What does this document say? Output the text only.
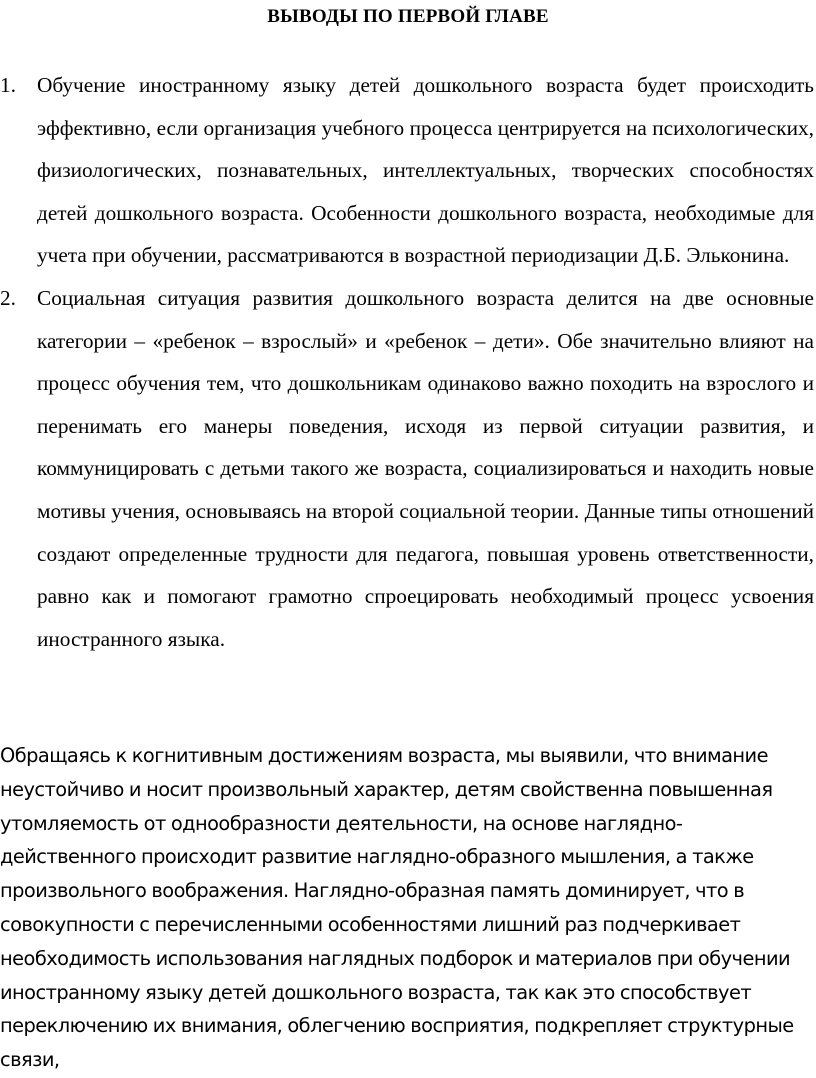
ВЫВОДЫ ПО ПЕРВОЙ ГЛАВЕ
1. Обучение иностранному языку детей дошкольного возраста будет происходить эффективно, если организация учебного процесса центрируется на психологических, физиологических, познавательных, интеллектуальных, творческих способностях детей дошкольного возраста. Особенности дошкольного возраста, необходимые для учета при обучении, рассматриваются в возрастной периодизации Д.Б. Эльконина.
2. Социальная ситуация развития дошкольного возраста делится на две основные категории – «ребенок – взрослый» и «ребенок – дети». Обе значительно влияют на процесс обучения тем, что дошкольникам одинаково важно походить на взрослого и перенимать его манеры поведения, исходя из первой ситуации развития, и коммуницировать с детьми такого же возраста, социализироваться и находить новые мотивы учения, основываясь на второй социальной теории. Данные типы отношений создают определенные трудности для педагога, повышая уровень ответственности, равно как и помогают грамотно спроецировать необходимый процесс усвоения иностранного языка.

Обращаясь к когнитивным достижениям возраста, мы выявили, что внимание неустойчиво и носит произвольный характер, детям свойственна повышенная утомляемость от однообразности деятельности, на основе наглядно-действенного происходит развитие наглядно-образного мышления, а также произвольного воображения. Наглядно-образная память доминирует, что в совокупности с перечисленными особенностями лишний раз подчеркивает необходимость использования наглядных подборок и материалов при обучении иностранному языку детей дошкольного возраста, так как это способствует переключению их внимания, облегчению восприятия, подкрепляет структурные связи,
